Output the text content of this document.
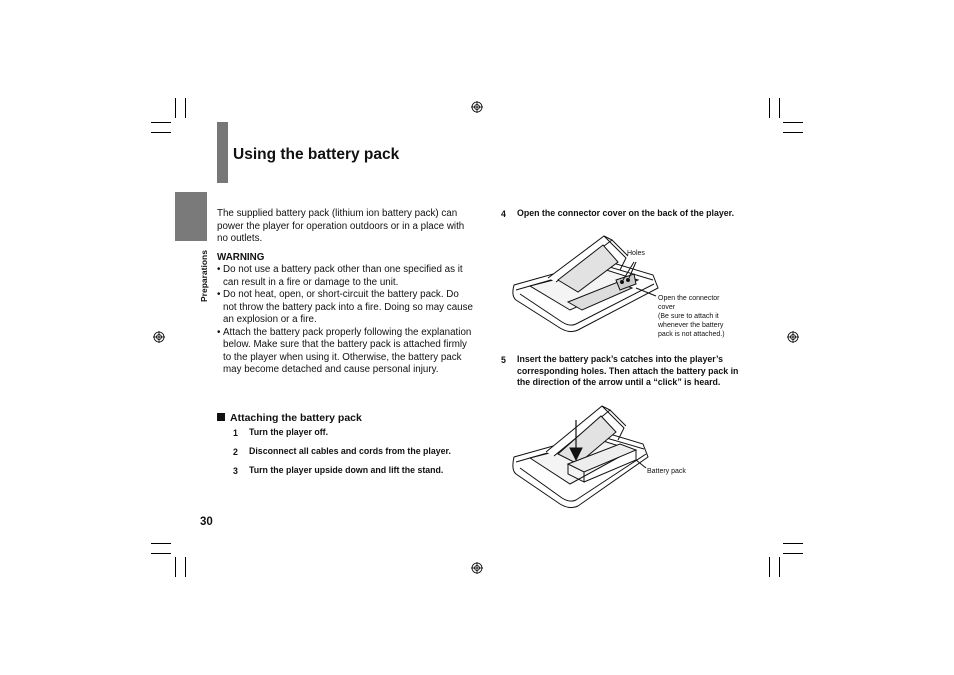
Using the battery pack
Preparations
The supplied battery pack (lithium ion battery pack) can power the player for operation outdoors or in a place with no outlets.
WARNING
• Do not use a battery pack other than one specified as it can result in a fire or damage to the unit.
• Do not heat, open, or short-circuit the battery pack. Do not throw the battery pack into a fire. Doing so may cause an explosion or a fire.
• Attach the battery pack properly following the explanation below. Make sure that the battery pack is attached firmly to the player when using it. Otherwise, the battery pack may become detached and cause personal injury.
Attaching the battery pack
1 Turn the player off.
2 Disconnect all cables and cords from the player.
3 Turn the player upside down and lift the stand.
30
4 Open the connector cover on the back of the player.
Holes
Open the connector
cover
(Be sure to attach it
whenever the battery
pack is not attached.)
5 Insert the battery pack’s catches into the player’s corresponding holes. Then attach the battery pack in the direction of the arrow until a “click” is heard.
Battery pack
